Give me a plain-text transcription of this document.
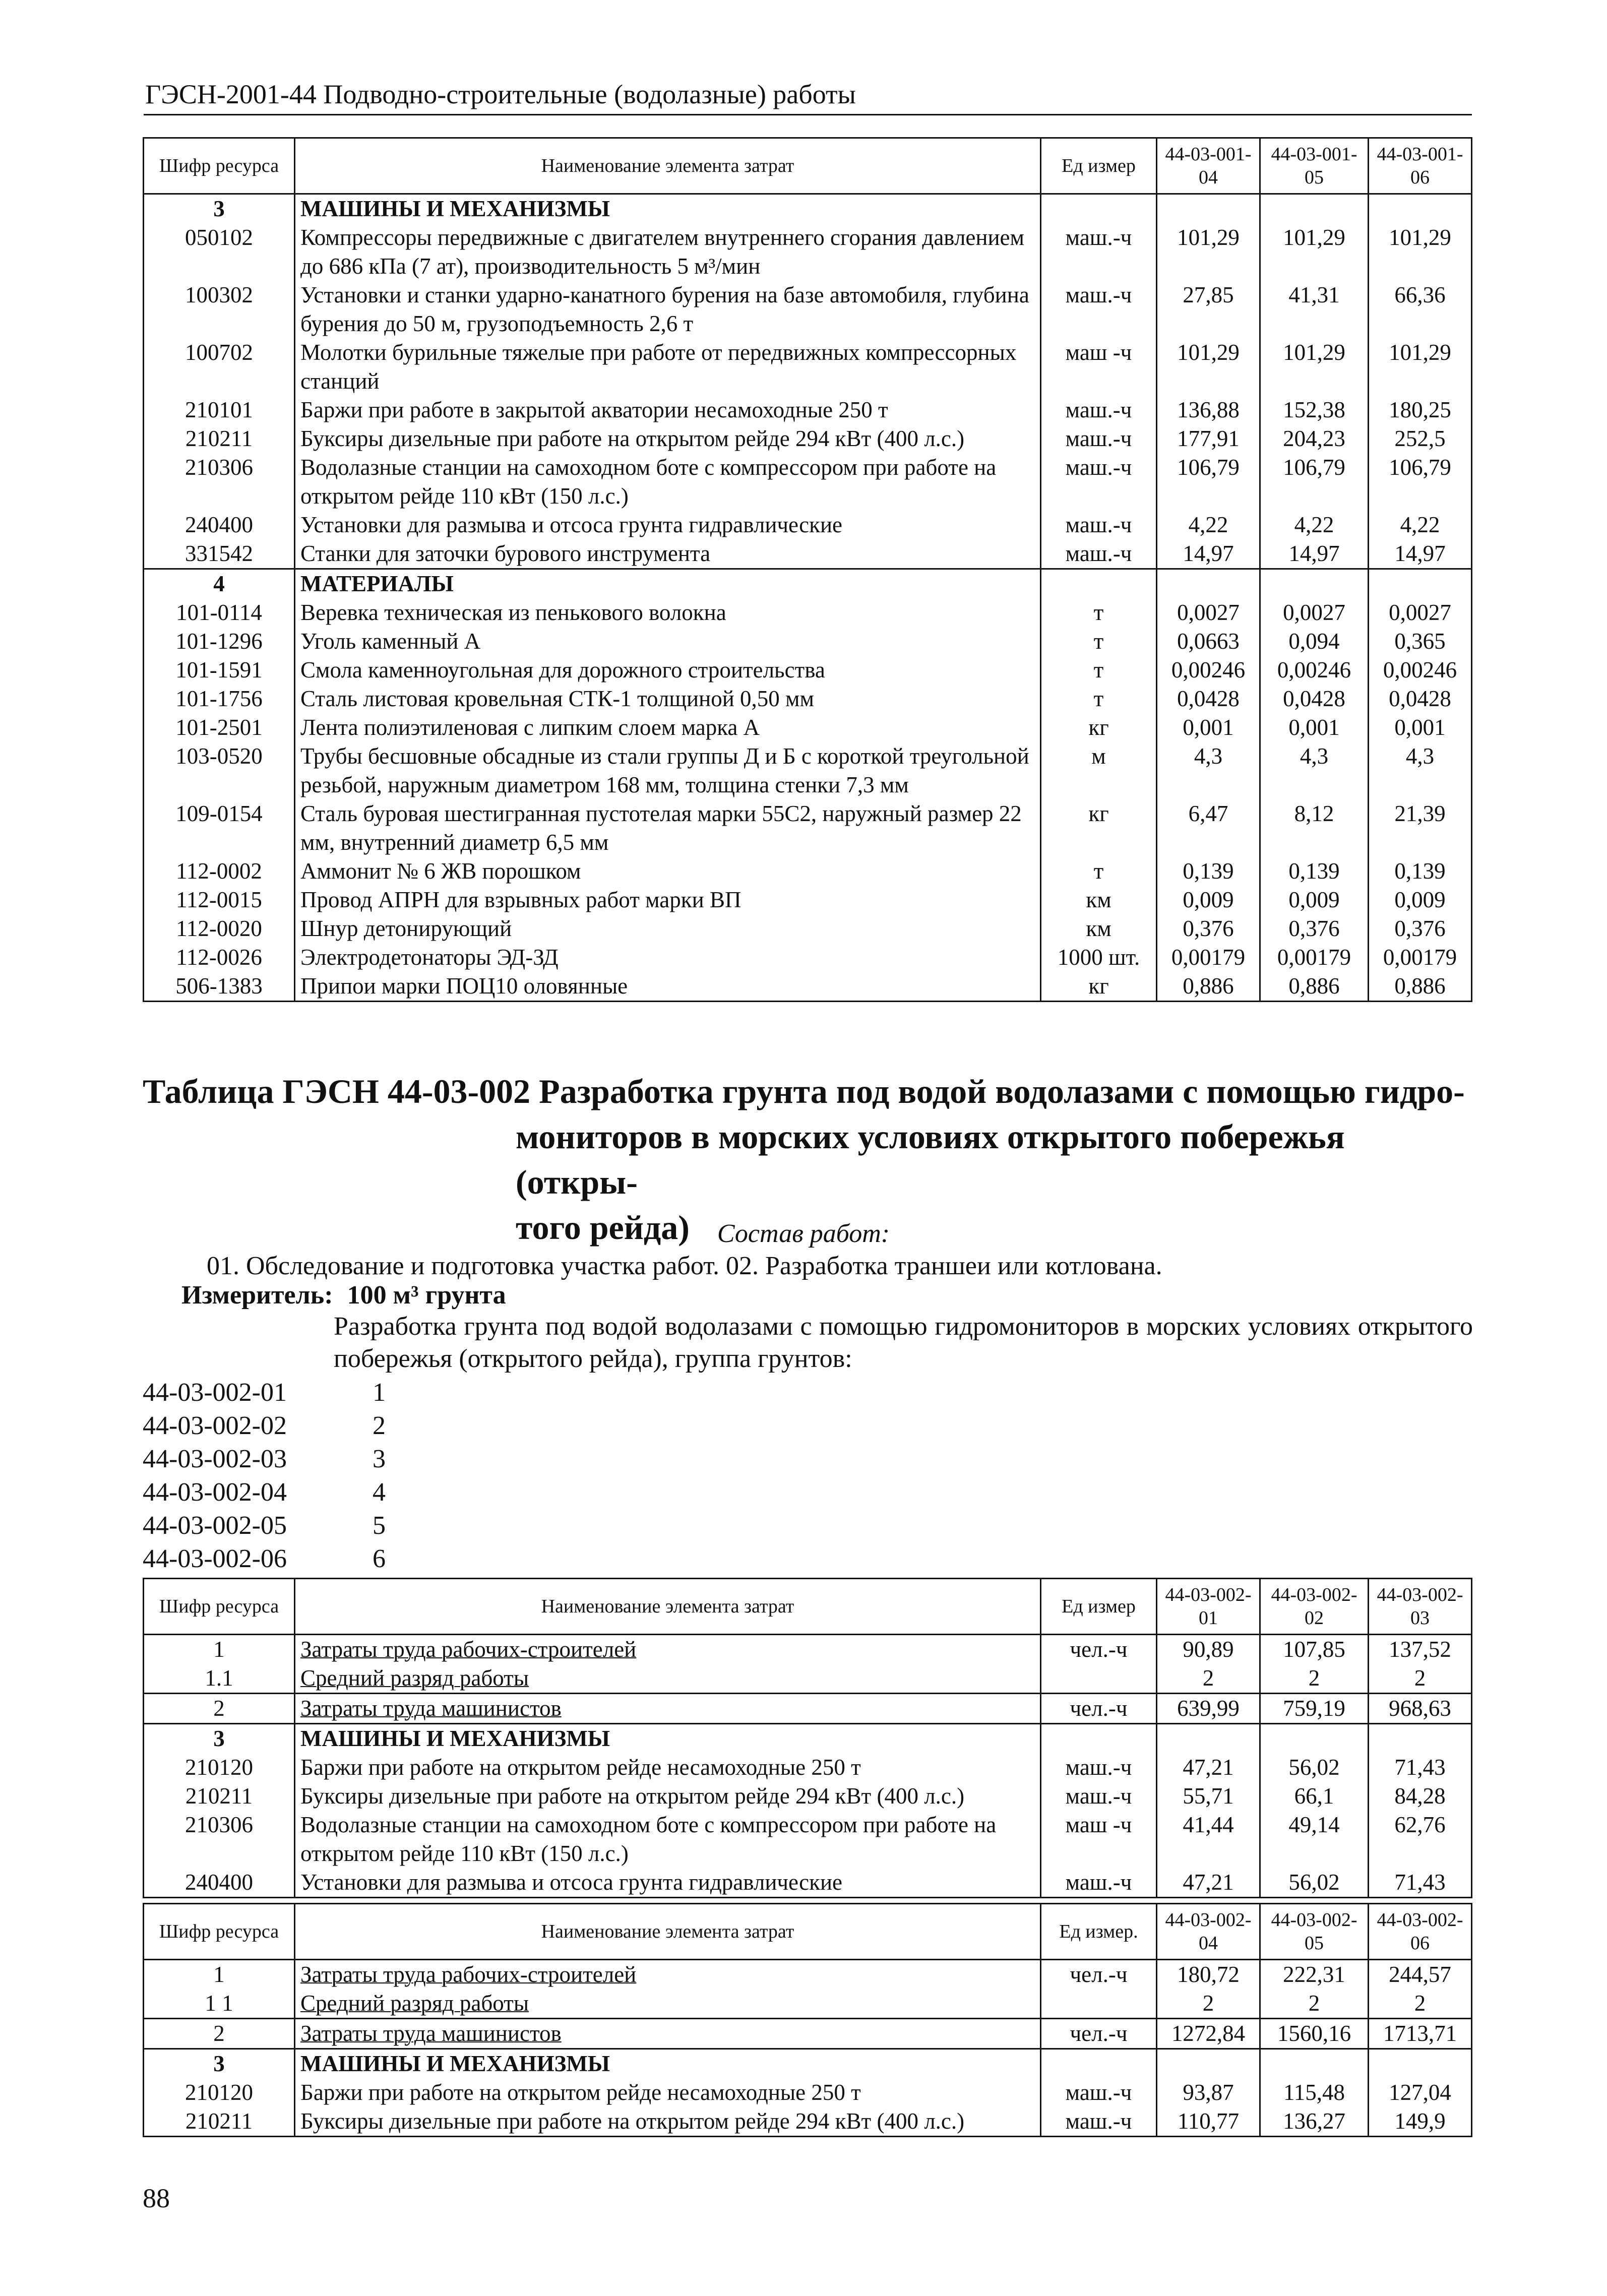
ГЭСН-2001-44 Подводно-строительные (водолазные) работы
Шифр ресурса	Наименование элемента затрат	Ед измер	44-03-001-04	44-03-001-05	44-03-001-06
3	МАШИНЫ И МЕХАНИЗМЫ				
050102	Компрессоры передвижные с двигателем внутреннего сгорания давлением до 686 кПа (7 ат), производительность 5 м³/мин	маш.-ч	101,29	101,29	101,29
100302	Установки и станки ударно-канатного бурения на базе автомобиля, глубина бурения до 50 м, грузоподъемность 2,6 т	маш.-ч	27,85	41,31	66,36
100702	Молотки бурильные тяжелые при работе от передвижных компрессорных станций	маш -ч	101,29	101,29	101,29
210101	Баржи при работе в закрытой акватории несамоходные 250 т	маш.-ч	136,88	152,38	180,25
210211	Буксиры дизельные при работе на открытом рейде 294 кВт (400 л.с.)	маш.-ч	177,91	204,23	252,5
210306	Водолазные станции на самоходном боте с компрессором при работе на открытом рейде 110 кВт (150 л.с.)	маш.-ч	106,79	106,79	106,79
240400	Установки для размыва и отсоса грунта гидравлические	маш.-ч	4,22	4,22	4,22
331542	Станки для заточки бурового инструмента	маш.-ч	14,97	14,97	14,97
4	МАТЕРИАЛЫ				
101-0114	Веревка техническая из пенькового волокна	т	0,0027	0,0027	0,0027
101-1296	Уголь каменный А	т	0,0663	0,094	0,365
101-1591	Смола каменноугольная для дорожного строительства	т	0,00246	0,00246	0,00246
101-1756	Сталь листовая кровельная СТК-1 толщиной 0,50 мм	т	0,0428	0,0428	0,0428
101-2501	Лента полиэтиленовая с липким слоем марка А	кг	0,001	0,001	0,001
103-0520	Трубы бесшовные обсадные из стали группы Д и Б с короткой треугольной резьбой, наружным диаметром 168 мм, толщина стенки 7,3 мм	м	4,3	4,3	4,3
109-0154	Сталь буровая шестигранная пустотелая марки 55С2, наружный размер 22 мм, внутренний диаметр 6,5 мм	кг	6,47	8,12	21,39
112-0002	Аммонит № 6 ЖВ порошком	т	0,139	0,139	0,139
112-0015	Провод АПРН для взрывных работ марки ВП	км	0,009	0,009	0,009
112-0020	Шнур детонирующий	км	0,376	0,376	0,376
112-0026	Электродетонаторы ЭД-ЗД	1000 шт.	0,00179	0,00179	0,00179
506-1383	Припои марки ПОЦ10 оловянные	кг	0,886	0,886	0,886
Таблица ГЭСН 44-03-002 Разработка грунта под водой водолазами с помощью гидро-
мониторов в морских условиях открытого побережья (откры-
того рейда)	Состав работ:
01. Обследование и подготовка участка работ. 02. Разработка траншеи или котлована.
Измеритель: 100 м³ грунта
Разработка грунта под водой водолазами с помощью гидромониторов в морских условиях открытого побережья (открытого рейда), группа грунтов:
44-03-002-01	1
44-03-002-02	2
44-03-002-03	3
44-03-002-04	4
44-03-002-05	5
44-03-002-06	6
Шифр ресурса	Наименование элемента затрат	Ед измер	44-03-002-01	44-03-002-02	44-03-002-03
1	Затраты труда рабочих-строителей	чел.-ч	90,89	107,85	137,52
1.1	Средний разряд работы		2	2	2
2	Затраты труда машинистов	чел.-ч	639,99	759,19	968,63
3	МАШИНЫ И МЕХАНИЗМЫ				
210120	Баржи при работе на открытом рейде несамоходные 250 т	маш.-ч	47,21	56,02	71,43
210211	Буксиры дизельные при работе на открытом рейде 294 кВт (400 л.с.)	маш.-ч	55,71	66,1	84,28
210306	Водолазные станции на самоходном боте с компрессором при работе на открытом рейде 110 кВт (150 л.с.)	маш -ч	41,44	49,14	62,76
240400	Установки для размыва и отсоса грунта гидравлические	маш.-ч	47,21	56,02	71,43
Шифр ресурса	Наименование элемента затрат	Ед измер.	44-03-002-04	44-03-002-05	44-03-002-06
1	Затраты труда рабочих-строителей	чел.-ч	180,72	222,31	244,57
1 1	Средний разряд работы		2	2	2
2	Затраты труда машинистов	чел.-ч	1272,84	1560,16	1713,71
3	МАШИНЫ И МЕХАНИЗМЫ				
210120	Баржи при работе на открытом рейде несамоходные 250 т	маш.-ч	93,87	115,48	127,04
210211	Буксиры дизельные при работе на открытом рейде 294 кВт (400 л.с.)	маш.-ч	110,77	136,27	149,9
88
